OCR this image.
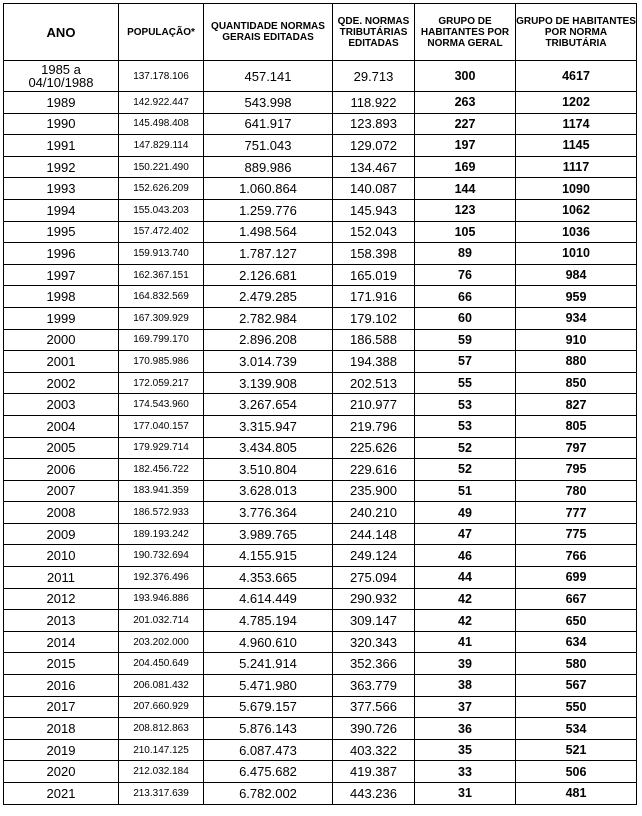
ANO	POPULAÇÃO*	QUANTIDADE NORMAS GERAIS EDITADAS	QDE. NORMAS TRIBUTÁRIAS EDITADAS	GRUPO DE HABITANTES POR NORMA GERAL	GRUPO DE HABITANTES POR NORMA TRIBUTÁRIA

1985 a
04/10/1988	137.178.106	457.141	29.713	300	4617
1989	142.922.447	543.998	118.922	263	1202
1990	145.498.408	641.917	123.893	227	1174
1991	147.829.114	751.043	129.072	197	1145
1992	150.221.490	889.986	134.467	169	1117
1993	152.626.209	1.060.864	140.087	144	1090
1994	155.043.203	1.259.776	145.943	123	1062
1995	157.472.402	1.498.564	152.043	105	1036
1996	159.913.740	1.787.127	158.398	89	1010
1997	162.367.151	2.126.681	165.019	76	984
1998	164.832.569	2.479.285	171.916	66	959
1999	167.309.929	2.782.984	179.102	60	934
2000	169.799.170	2.896.208	186.588	59	910
2001	170.985.986	3.014.739	194.388	57	880
2002	172.059.217	3.139.908	202.513	55	850
2003	174.543.960	3.267.654	210.977	53	827
2004	177.040.157	3.315.947	219.796	53	805
2005	179.929.714	3.434.805	225.626	52	797
2006	182.456.722	3.510.804	229.616	52	795
2007	183.941.359	3.628.013	235.900	51	780
2008	186.572.933	3.776.364	240.210	49	777
2009	189.193.242	3.989.765	244.148	47	775
2010	190.732.694	4.155.915	249.124	46	766
2011	192.376.496	4.353.665	275.094	44	699
2012	193.946.886	4.614.449	290.932	42	667
2013	201.032.714	4.785.194	309.147	42	650
2014	203.202.000	4.960.610	320.343	41	634
2015	204.450.649	5.241.914	352.366	39	580
2016	206.081.432	5.471.980	363.779	38	567
2017	207.660.929	5.679.157	377.566	37	550
2018	208.812.863	5.876.143	390.726	36	534
2019	210.147.125	6.087.473	403.322	35	521
2020	212.032.184	6.475.682	419.387	33	506
2021	213.317.639	6.782.002	443.236	31	481
